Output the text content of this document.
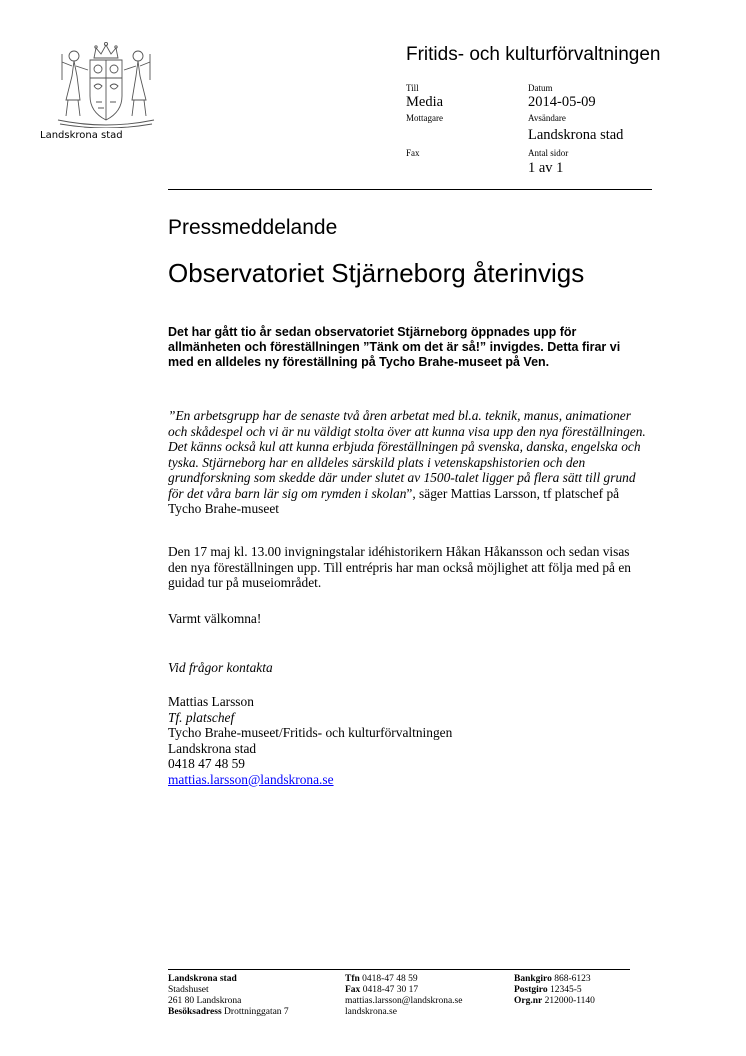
Landskrona stad
Fritids- och kulturförvaltningen
Till
Media
Mottagare
Fax
Datum
2014-05-09
Avsändare
Landskrona stad
Antal sidor
1 av 1
Pressmeddelande
Observatoriet Stjärneborg återinvigs
Det har gått tio år sedan observatoriet Stjärneborg öppnades upp för allmänheten och föreställningen ”Tänk om det är så!” invigdes. Detta firar vi med en alldeles ny föreställning på Tycho Brahe-museet på Ven.
”En arbetsgrupp har de senaste två åren arbetat med bl.a. teknik, manus, animationer och skådespel och vi är nu väldigt stolta över att kunna visa upp den nya föreställningen. Det känns också kul att kunna erbjuda föreställningen på svenska, danska, engelska och tyska. Stjärneborg har en alldeles särskild plats i vetenskapshistorien och den grundforskning som skedde där under slutet av 1500-talet ligger på flera sätt till grund för det våra barn lär sig om rymden i skolan”, säger Mattias Larsson, tf platschef på Tycho Brahe-museet
Den 17 maj kl. 13.00 invigningstalar idéhistorikern Håkan Håkansson och sedan visas den nya föreställningen upp. Till entrépris har man också möjlighet att följa med på en guidad tur på museiområdet.
Varmt välkomna!
Vid frågor kontakta
Mattias Larsson
Tf. platschef
Tycho Brahe-museet/Fritids- och kulturförvaltningen
Landskrona stad
0418 47 48 59
mattias.larsson@landskrona.se
Landskrona stad
Stadshuset
261 80 Landskrona
Besöksadress Drottninggatan 7
Tfn 0418-47 48 59
Fax 0418-47 30 17
mattias.larsson@landskrona.se
landskrona.se
Bankgiro 868-6123
Postgiro 12345-5
Org.nr 212000-1140
